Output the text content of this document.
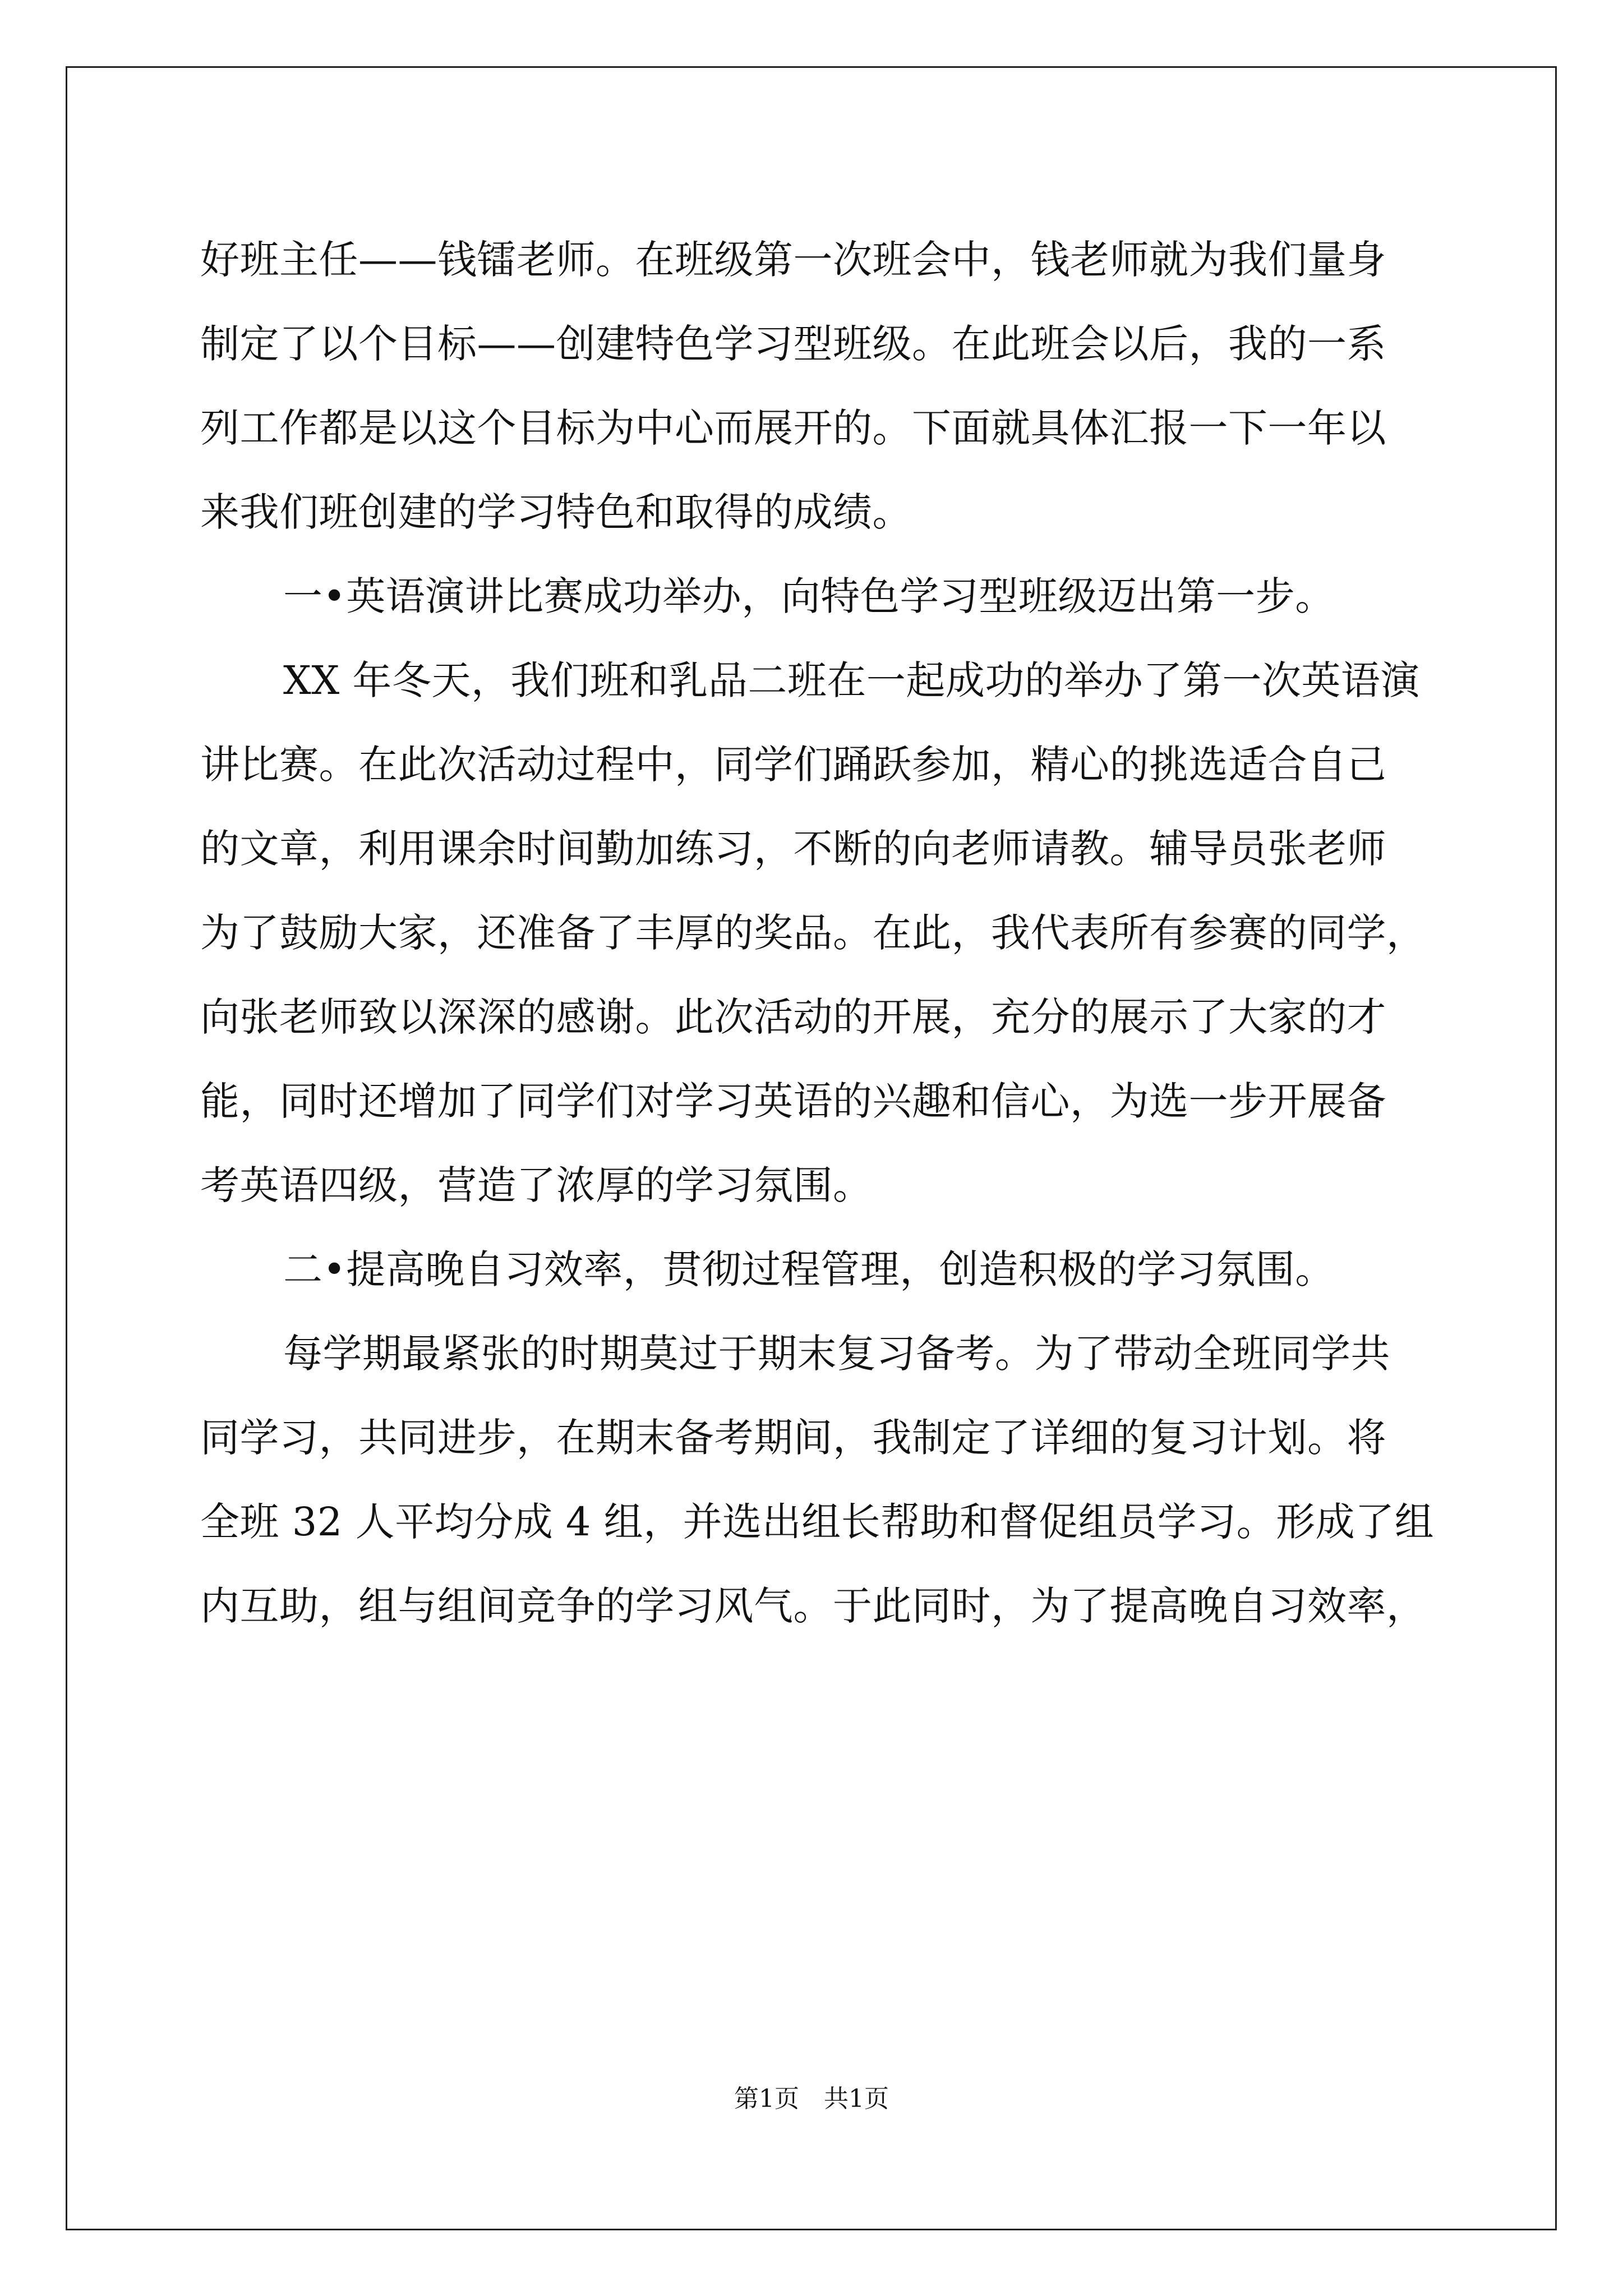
好班主任——钱镭老师。在班级第一次班会中，钱老师就为我们量身
制定了以个目标——创建特色学习型班级。在此班会以后，我的一系
列工作都是以这个目标为中心而展开的。下面就具体汇报一下一年以
来我们班创建的学习特色和取得的成绩。
一•英语演讲比赛成功举办，向特色学习型班级迈出第一步。
XX 年冬天，我们班和乳品二班在一起成功的举办了第一次英语演
讲比赛。在此次活动过程中，同学们踊跃参加，精心的挑选适合自己
的文章，利用课余时间勤加练习，不断的向老师请教。辅导员张老师
为了鼓励大家，还准备了丰厚的奖品。在此，我代表所有参赛的同学，
向张老师致以深深的感谢。此次活动的开展，充分的展示了大家的才
能，同时还增加了同学们对学习英语的兴趣和信心，为选一步开展备
考英语四级，营造了浓厚的学习氛围。
二•提高晚自习效率，贯彻过程管理，创造积极的学习氛围。
每学期最紧张的时期莫过于期末复习备考。为了带动全班同学共
同学习，共同进步，在期末备考期间，我制定了详细的复习计划。将
全班 32 人平均分成 4 组，并选出组长帮助和督促组员学习。形成了组
内互助，组与组间竞争的学习风气。于此同时，为了提高晚自习效率，
第1页　共1页
